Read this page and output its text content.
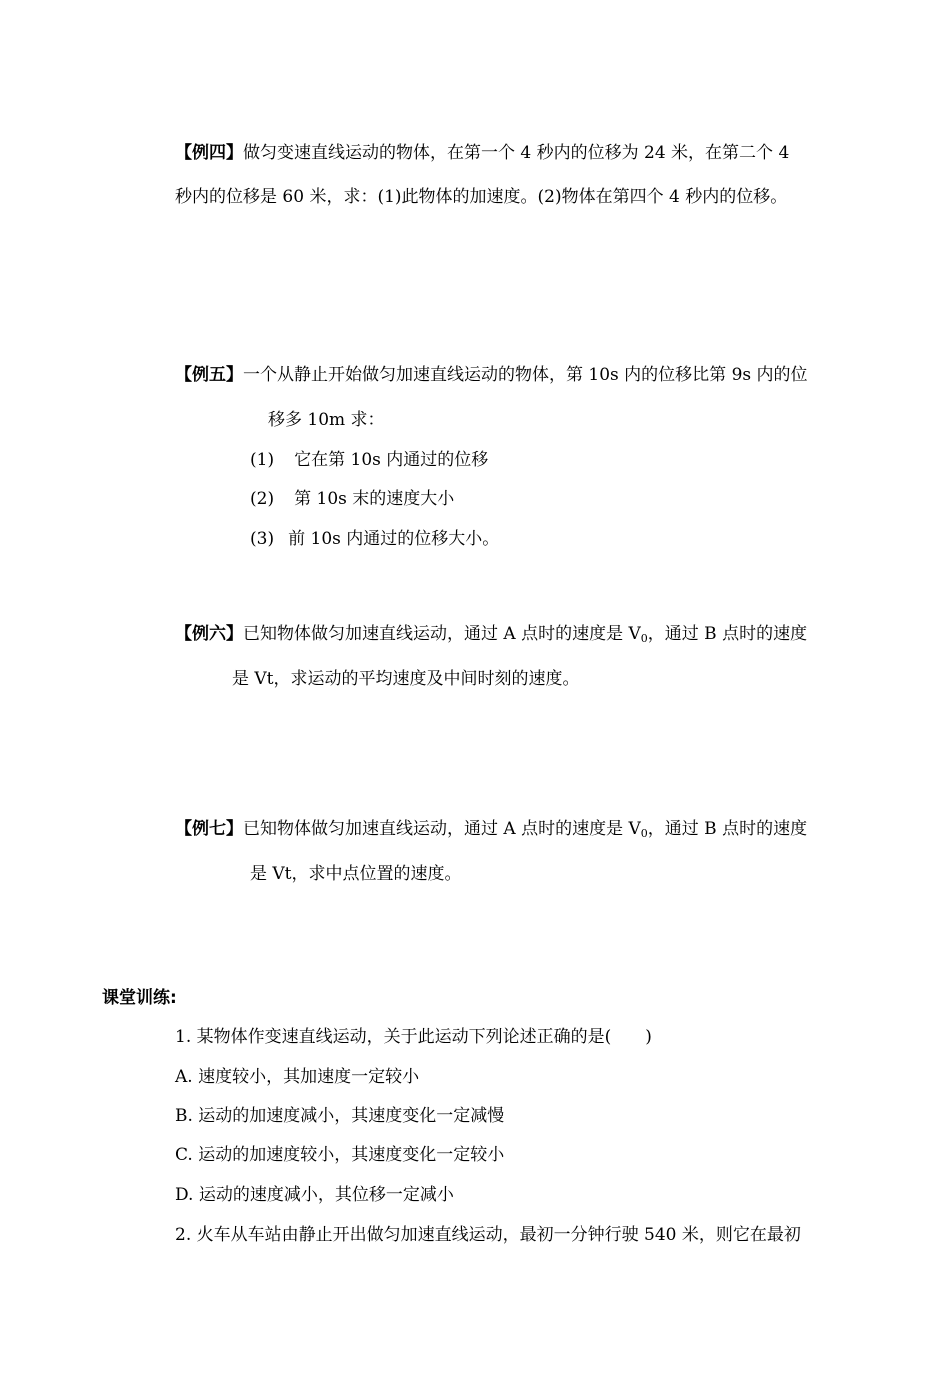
【例四】做匀变速直线运动的物体，在第一个 4 秒内的位移为 24 米，在第二个 4
秒内的位移是 60 米，求：(1)此物体的加速度。(2)物体在第四个 4 秒内的位移。
【例五】一个从静止开始做匀加速直线运动的物体，第 10s 内的位移比第 9s 内的位
移多 10m 求：
(1) 它在第 10s 内通过的位移
(2) 第 10s 末的速度大小
(3) 前 10s 内通过的位移大小。
【例六】已知物体做匀加速直线运动，通过 A 点时的速度是 $V_0$，通过 B 点时的速度
是 Vt，求运动的平均速度及中间时刻的速度。
【例七】已知物体做匀加速直线运动，通过 A 点时的速度是 $V_0$，通过 B 点时的速度
是 Vt，求中点位置的速度。
课堂训练:
1. 某物体作变速直线运动，关于此运动下列论述正确的是(　　)
A. 速度较小，其加速度一定较小
B. 运动的加速度减小，其速度变化一定减慢
C. 运动的加速度较小，其速度变化一定较小
D. 运动的速度减小，其位移一定减小
2. 火车从车站由静止开出做匀加速直线运动，最初一分钟行驶 540 米，则它在最初
